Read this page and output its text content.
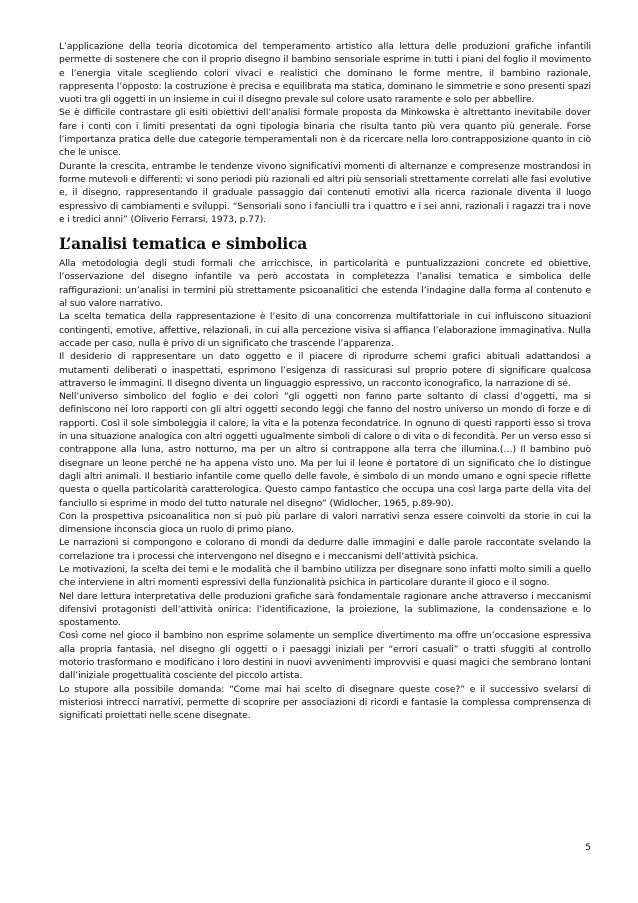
L’applicazione della teoria dicotomica del temperamento artistico alla lettura delle produzioni grafiche infantili permette di sostenere che con il proprio disegno il bambino sensoriale esprime in tutti i piani del foglio il movimento e l’energia vitale scegliendo colori vivaci e realistici che dominano le forme mentre, il bambino razionale, rappresenta l’opposto: la costruzione è precisa e equilibrata ma statica, dominano le simmetrie e sono presenti spazi vuoti tra gli oggetti in un insieme in cui il disegno prevale sul colore usato raramente e solo per abbellire.

Se è difficile contrastare gli esiti obiettivi dell’analisi formale proposta da Minkowska è altrettanto inevitabile dover fare i conti con i limiti presentati da ogni tipologia binaria che risulta tanto più vera quanto più generale. Forse l’importanza pratica delle due categorie temperamentali non è da ricercare nella loro contrapposizione quanto in ciò che le unisce.

Durante la crescita, entrambe le tendenze vivono significativi momenti di alternanze e compresenze mostrandosi in forme mutevoli e differenti: vi sono periodi più razionali ed altri più sensoriali strettamente correlati alle fasi evolutive e, il disegno, rappresentando il graduale passaggio dai contenuti emotivi alla ricerca razionale diventa il luogo espressivo di cambiamenti e sviluppi. “Sensoriali sono i fanciulli tra i quattro e i sei anni, razionali i ragazzi tra i nove e i tredici anni” (Oliverio Ferrarsi, 1973, p.77).

L’analisi tematica e simbolica

Alla metodologia degli studi formali che arricchisce, in particolarità e puntualizzazioni concrete ed obiettive, l’osservazione del disegno infantile va però accostata in completezza l’analisi tematica e simbolica delle raffigurazioni: un’analisi in termini più strettamente psicoanalitici che estenda l’indagine dalla forma al contenuto e al suo valore narrativo.

La scelta tematica della rappresentazione è l’esito di una concorrenza multifattoriale in cui influiscono situazioni contingenti, emotive, affettive, relazionali, in cui alla percezione visiva si affianca l’elaborazione immaginativa. Nulla accade per caso, nulla è privo di un significato che trascende l’apparenza.

Il desiderio di rappresentare un dato oggetto e il piacere di riprodurre schemi grafici abituali adattandosi a mutamenti deliberati o inaspettati, esprimono l’esigenza di rassicurasi sul proprio potere di significare qualcosa attraverso le immagini. Il disegno diventa un linguaggio espressivo, un racconto iconografico, la narrazione di sé.

Nell’universo simbolico del foglio e dei colori “gli oggetti non fanno parte soltanto di classi d’oggetti, ma si definiscono nei loro rapporti con gli altri oggetti secondo leggi che fanno del nostro universo un mondo di forze e di rapporti. Così il sole simboleggia il calore, la vita e la potenza fecondatrice. In ognuno di questi rapporti esso si trova in una situazione analogica con altri oggetti ugualmente simboli di calore o di vita o di fecondità. Per un verso esso si contrappone alla luna, astro notturno, ma per un altro si contrappone alla terra che illumina.(…) Il bambino può disegnare un leone perché ne ha appena visto uno. Ma per lui il leone è portatore di un significato che lo distingue dagli altri animali. Il bestiario infantile come quello delle favole, è simbolo di un mondo umano e ogni specie riflette questa o quella particolarità caratterologica. Questo campo fantastico che occupa una così larga parte della vita del fanciullo si esprime in modo del tutto naturale nel disegno” (Widlocher, 1965, p.89-90).

Con la prospettiva psicoanalitica non si può più parlare di valori narrativi senza essere coinvolti da storie in cui la dimensione inconscia gioca un ruolo di primo piano.

Le narrazioni si compongono e colorano di mondi da dedurre dalle immagini e dalle parole raccontate svelando la correlazione tra i processi che intervengono nel disegno e i meccanismi dell’attività psichica.

Le motivazioni, la scelta dei temi e le modalità che il bambino utilizza per disegnare sono infatti molto simili a quello che interviene in altri momenti espressivi della funzionalità psichica in particolare durante il gioco e il sogno.

Nel dare lettura interpretativa delle produzioni grafiche sarà fondamentale ragionare anche attraverso i meccanismi difensivi protagonisti dell’attività onirica: l’identificazione, la proiezione, la sublimazione, la condensazione e lo spostamento.

Così come nel gioco il bambino non esprime solamente un semplice divertimento ma offre un’occasione espressiva alla propria fantasia, nel disegno gli oggetti o i paesaggi iniziali per “errori casuali” o tratti sfuggiti al controllo motorio trasformano e modificano i loro destini in nuovi avvenimenti improvvisi e quasi magici che sembrano lontani dall’iniziale progettualità cosciente del piccolo artista.

Lo stupore alla possibile domanda: “Come mai hai scelto di disegnare queste cose?” e il successivo svelarsi di misteriosi intrecci narrativi, permette di scoprire per associazioni di ricordi e fantasie la complessa comprensenza di significati proiettati nelle scene disegnate.

5
